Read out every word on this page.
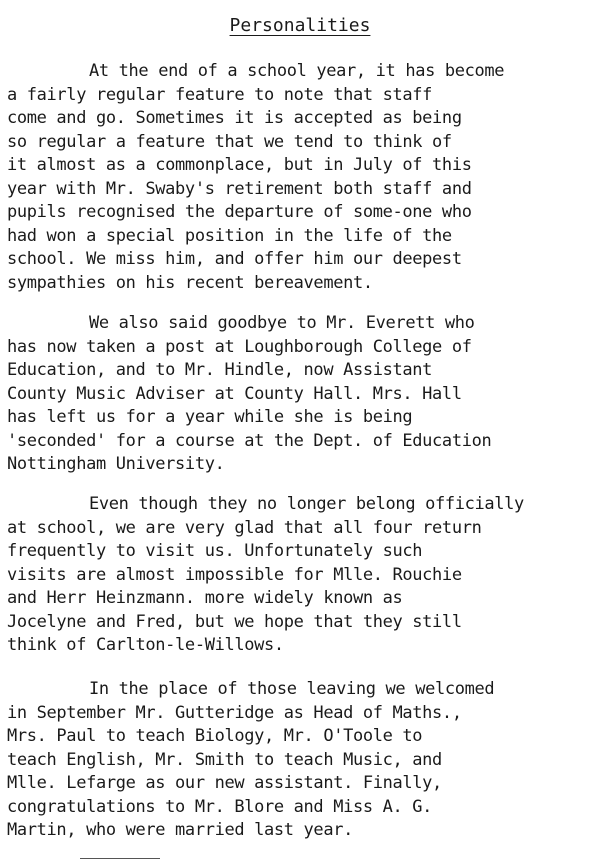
Personalities
At the end of a school year, it has become
a fairly regular feature to note that staff
come and go. Sometimes it is accepted as being
so regular a feature that we tend to think of
it almost as a commonplace, but in July of this
year with Mr. Swaby's retirement both staff and
pupils recognised the departure of some-one who
had won a special position in the life of the
school. We miss him, and offer him our deepest
sympathies on his recent bereavement.
We also said goodbye to Mr. Everett who
has now taken a post at Loughborough College of
Education, and to Mr. Hindle, now Assistant
County Music Adviser at County Hall. Mrs. Hall
has left us for a year while she is being
'seconded' for a course at the Dept. of Education
Nottingham University.
Even though they no longer belong officially
at school, we are very glad that all four return
frequently to visit us. Unfortunately such
visits are almost impossible for Mlle. Rouchie
and Herr Heinzmann. more widely known as
Jocelyne and Fred, but we hope that they still
think of Carlton-le-Willows.
In the place of those leaving we welcomed
in September Mr. Gutteridge as Head of Maths.,
Mrs. Paul to teach Biology, Mr. O'Toole to
teach English, Mr. Smith to teach Music, and
Mlle. Lefarge as our new assistant. Finally,
congratulations to Mr. Blore and Miss A. G.
Martin, who were married last year.
